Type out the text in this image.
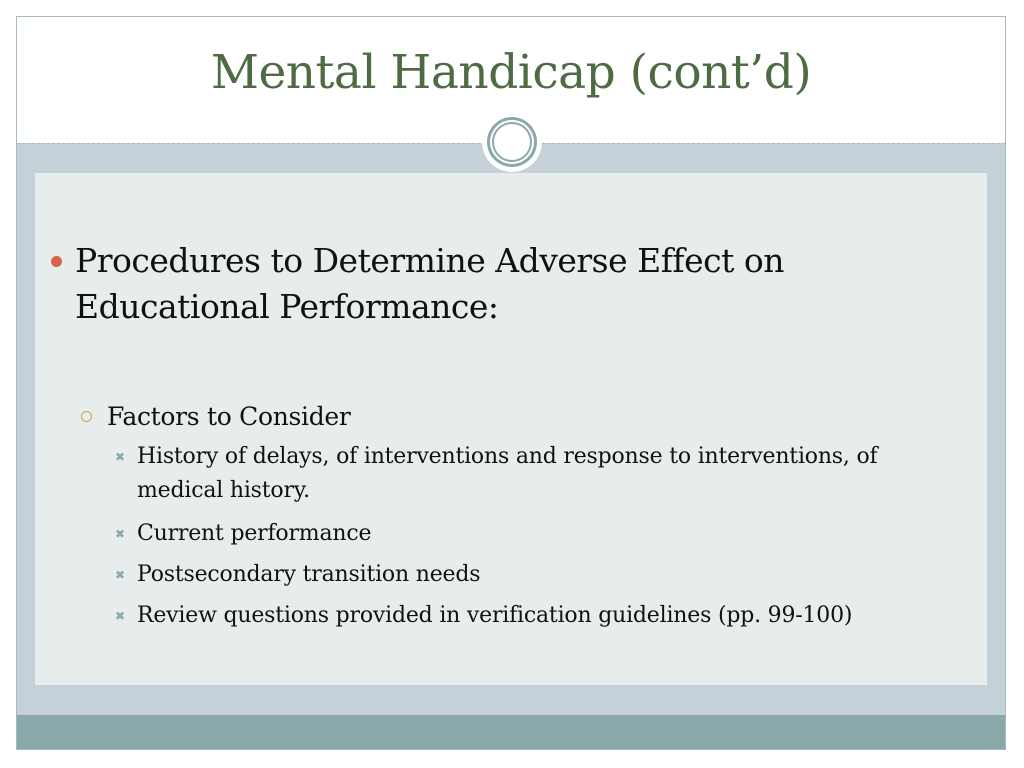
Mental Handicap (cont’d)
Procedures to Determine Adverse Effect on Educational Performance:
Factors to Consider
✖ History of delays, of interventions and response to interventions, of medical history.
✖ Current performance
✖ Postsecondary transition needs
✖ Review questions provided in verification guidelines (pp. 99-100)
